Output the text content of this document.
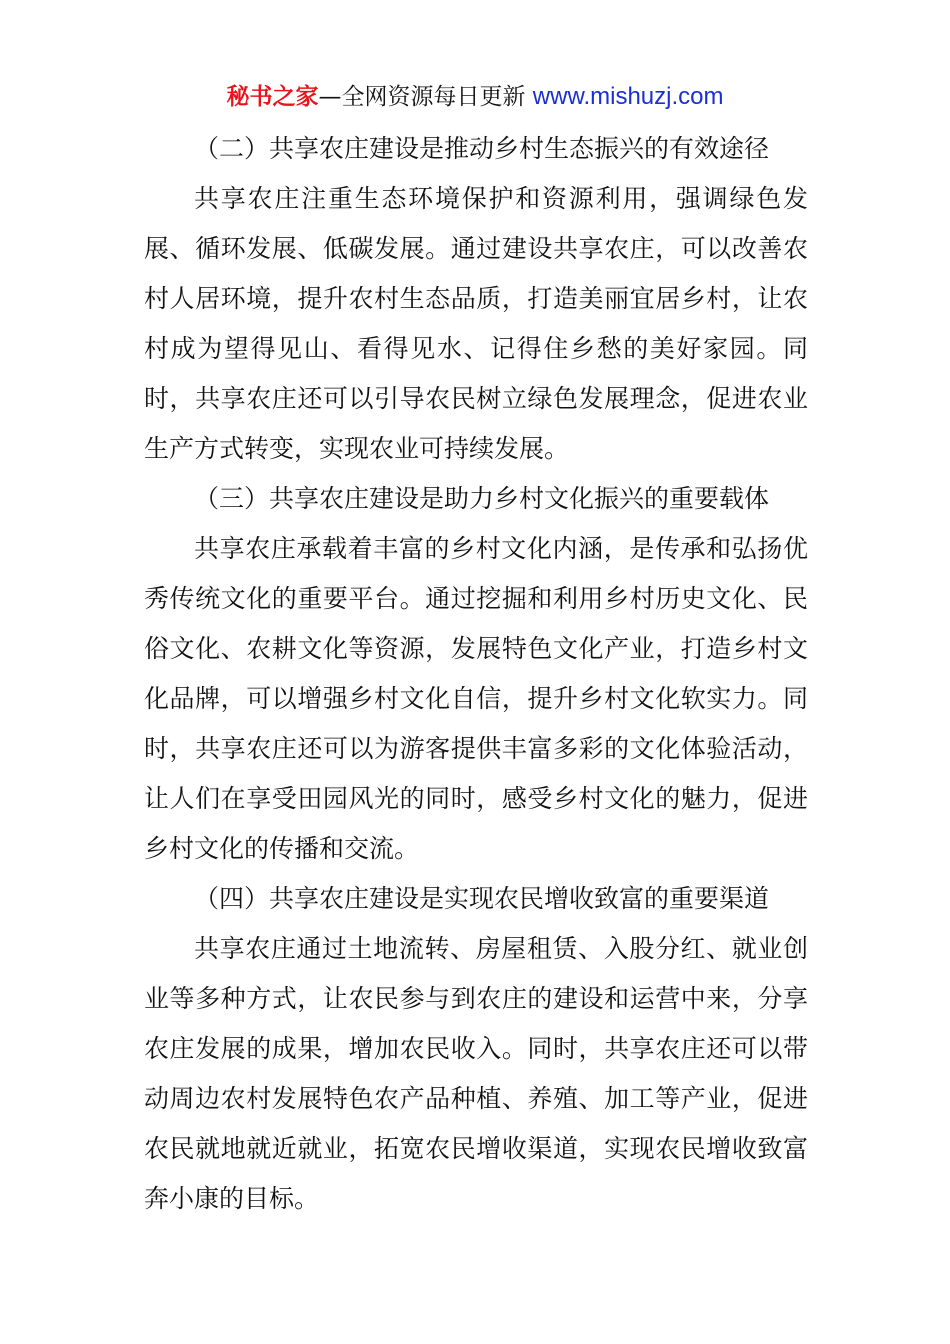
秘书之家—全网资源每日更新 www.mishuzj.com
（二）共享农庄建设是推动乡村生态振兴的有效途径

共享农庄注重生态环境保护和资源利用，强调绿色发展、循环发展、低碳发展。通过建设共享农庄，可以改善农村人居环境，提升农村生态品质，打造美丽宜居乡村，让农村成为望得见山、看得见水、记得住乡愁的美好家园。同时，共享农庄还可以引导农民树立绿色发展理念，促进农业生产方式转变，实现农业可持续发展。

（三）共享农庄建设是助力乡村文化振兴的重要载体

共享农庄承载着丰富的乡村文化内涵，是传承和弘扬优秀传统文化的重要平台。通过挖掘和利用乡村历史文化、民俗文化、农耕文化等资源，发展特色文化产业，打造乡村文化品牌，可以增强乡村文化自信，提升乡村文化软实力。同时，共享农庄还可以为游客提供丰富多彩的文化体验活动，让人们在享受田园风光的同时，感受乡村文化的魅力，促进乡村文化的传播和交流。

（四）共享农庄建设是实现农民增收致富的重要渠道

共享农庄通过土地流转、房屋租赁、入股分红、就业创业等多种方式，让农民参与到农庄的建设和运营中来，分享农庄发展的成果，增加农民收入。同时，共享农庄还可以带动周边农村发展特色农产品种植、养殖、加工等产业，促进农民就地就近就业，拓宽农民增收渠道，实现农民增收致富奔小康的目标。
